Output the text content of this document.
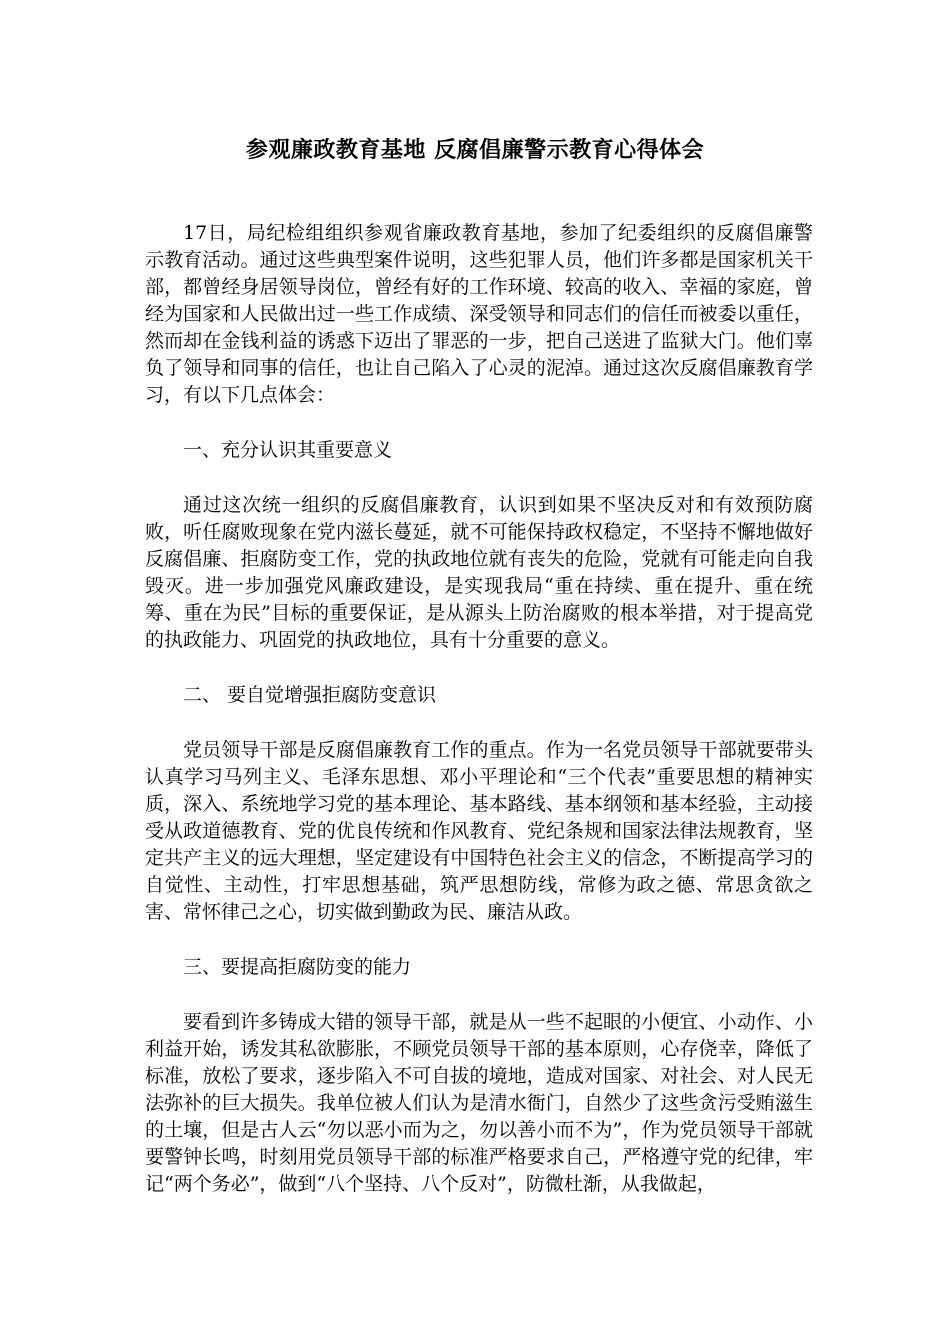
参观廉政教育基地 反腐倡廉警示教育心得体会

17日，局纪检组组织参观省廉政教育基地，参加了纪委组织的反腐倡廉警示教育活动。通过这些典型案件说明，这些犯罪人员，他们许多都是国家机关干部，都曾经身居领导岗位，曾经有好的工作环境、较高的收入、幸福的家庭，曾经为国家和人民做出过一些工作成绩、深受领导和同志们的信任而被委以重任，然而却在金钱利益的诱惑下迈出了罪恶的一步，把自己送进了监狱大门。他们辜负了领导和同事的信任，也让自己陷入了心灵的泥淖。通过这次反腐倡廉教育学习，有以下几点体会：

一、充分认识其重要意义

通过这次统一组织的反腐倡廉教育，认识到如果不坚决反对和有效预防腐败，听任腐败现象在党内滋长蔓延，就不可能保持政权稳定，不坚持不懈地做好反腐倡廉、拒腐防变工作，党的执政地位就有丧失的危险，党就有可能走向自我毁灭。进一步加强党风廉政建设，是实现我局“重在持续、重在提升、重在统筹、重在为民”目标的重要保证，是从源头上防治腐败的根本举措，对于提高党的执政能力、巩固党的执政地位，具有十分重要的意义。

二、 要自觉增强拒腐防变意识

党员领导干部是反腐倡廉教育工作的重点。作为一名党员领导干部就要带头认真学习马列主义、毛泽东思想、邓小平理论和“三个代表”重要思想的精神实质，深入、系统地学习党的基本理论、基本路线、基本纲领和基本经验，主动接受从政道德教育、党的优良传统和作风教育、党纪条规和国家法律法规教育，坚定共产主义的远大理想，坚定建设有中国特色社会主义的信念，不断提高学习的自觉性、主动性，打牢思想基础，筑严思想防线，常修为政之德、常思贪欲之害、常怀律己之心，切实做到勤政为民、廉洁从政。

三、要提高拒腐防变的能力

要看到许多铸成大错的领导干部，就是从一些不起眼的小便宜、小动作、小利益开始，诱发其私欲膨胀，不顾党员领导干部的基本原则，心存侥幸，降低了标准，放松了要求，逐步陷入不可自拔的境地，造成对国家、对社会、对人民无法弥补的巨大损失。我单位被人们认为是清水衙门，自然少了这些贪污受贿滋生的土壤，但是古人云“勿以恶小而为之，勿以善小而不为”，作为党员领导干部就要警钟长鸣，时刻用党员领导干部的标准严格要求自己，严格遵守党的纪律，牢记“两个务必”，做到“八个坚持、八个反对”，防微杜渐，从我做起，
